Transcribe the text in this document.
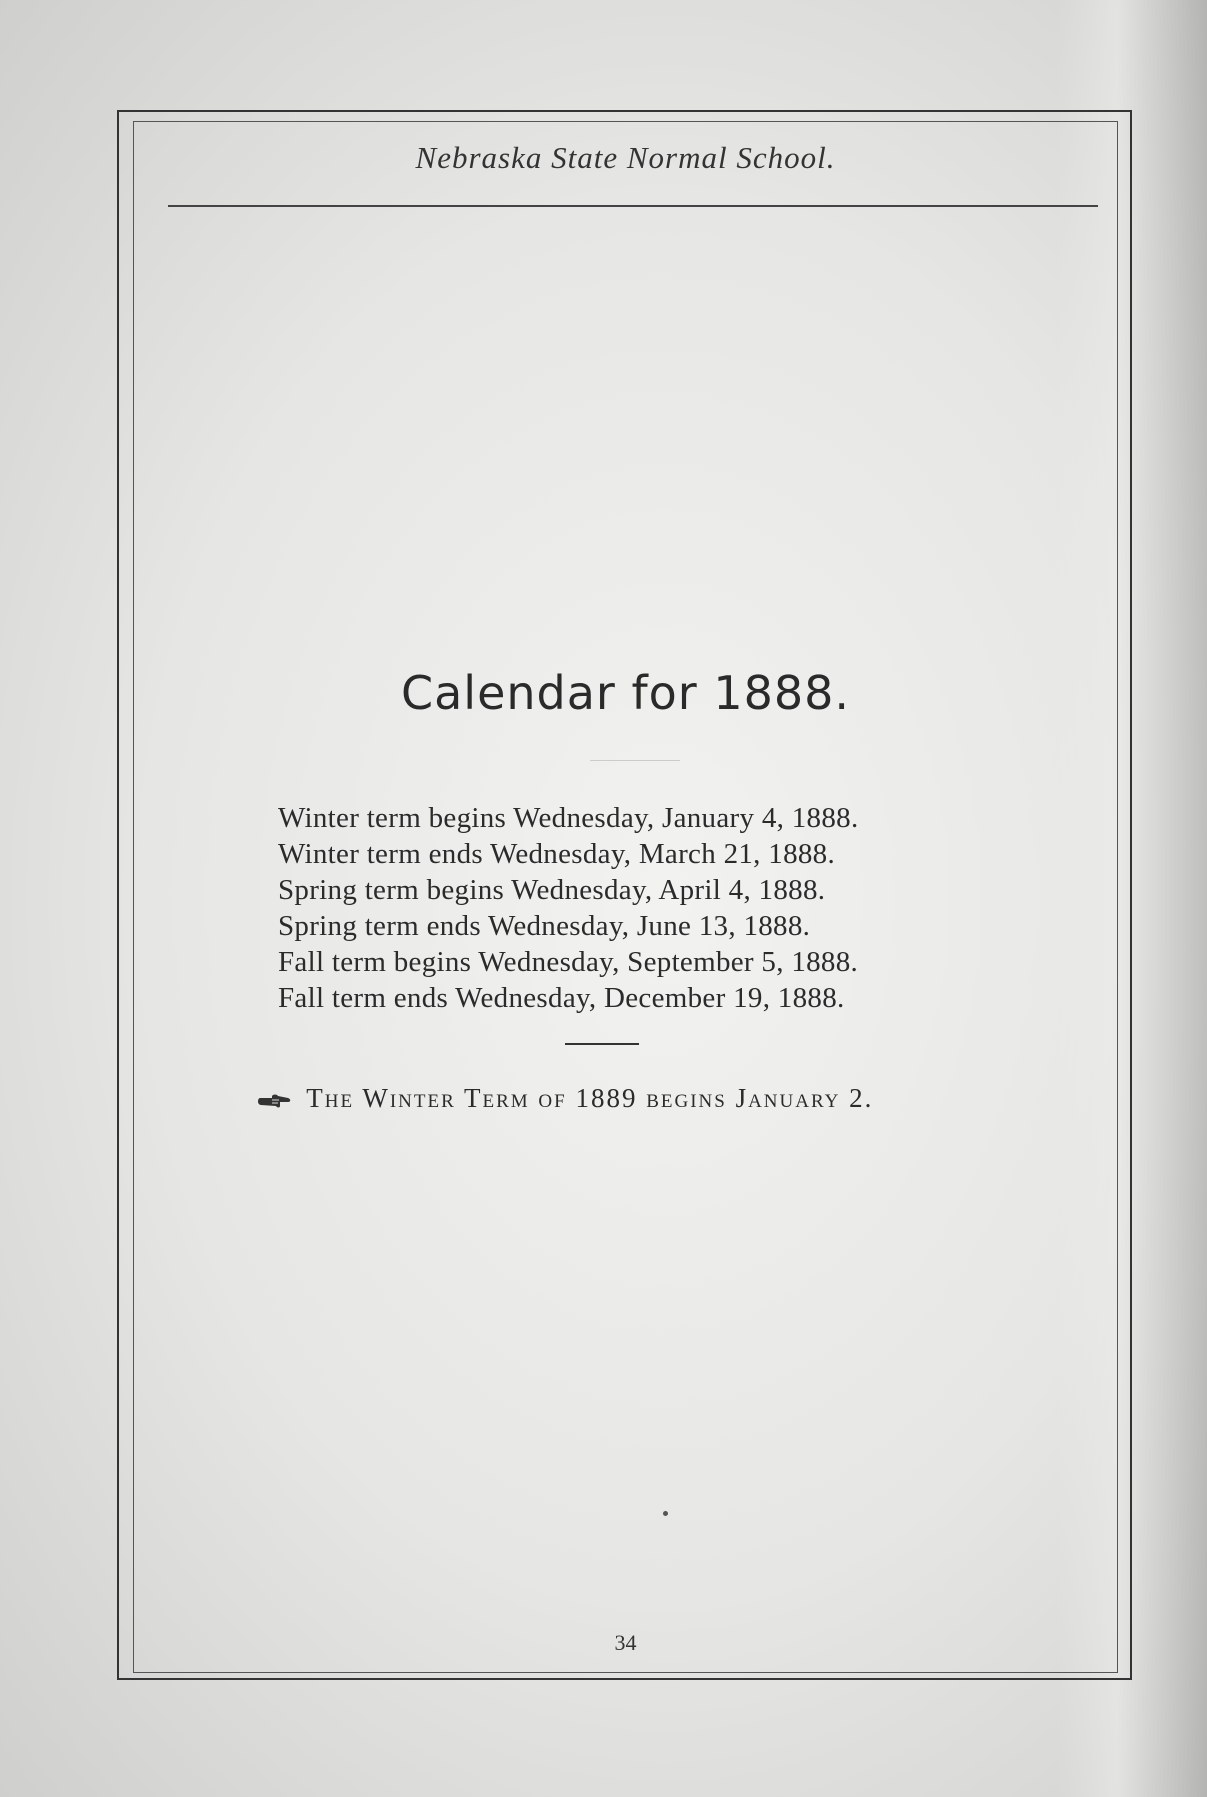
Nebraska State Normal School.
Calendar for 1888.
Winter term begins Wednesday, January 4, 1888.
Winter term ends Wednesday, March 21, 1888.
Spring term begins Wednesday, April 4, 1888.
Spring term ends Wednesday, June 13, 1888.
Fall term begins Wednesday, September 5, 1888.
Fall term ends Wednesday, December 19, 1888.
The Winter Term of 1889 begins January 2.
34
